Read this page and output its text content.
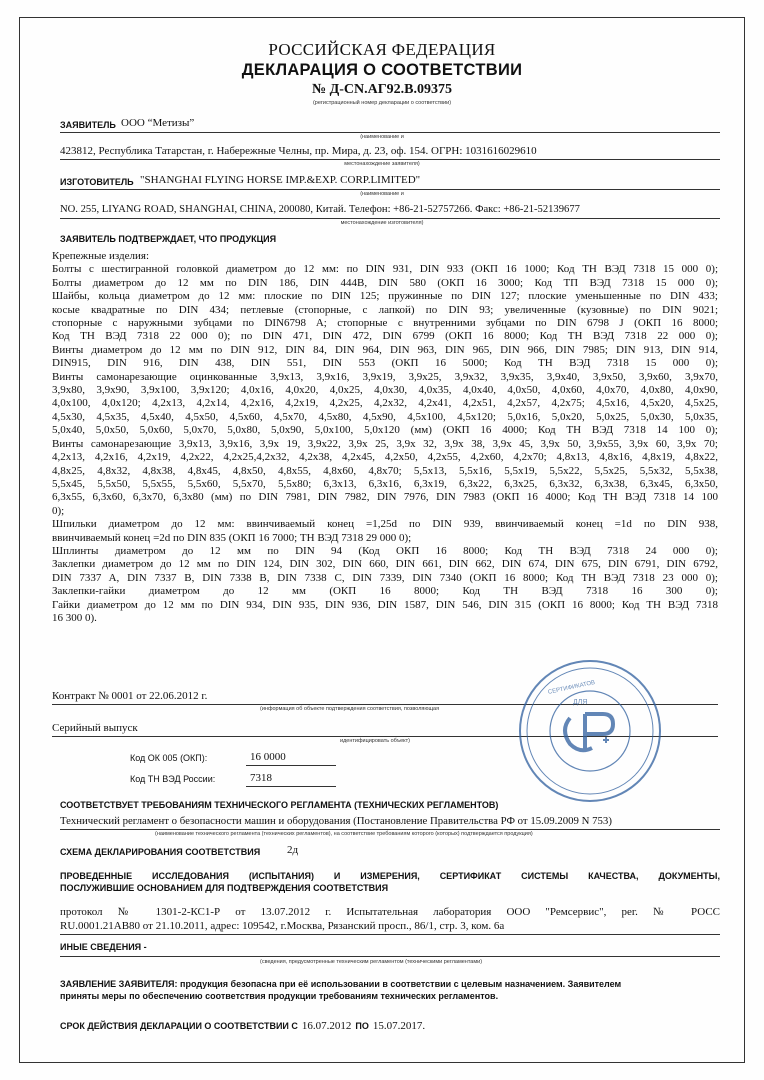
РОССИЙСКАЯ ФЕДЕРАЦИЯ
ДЕКЛАРАЦИЯ О СООТВЕТСТВИИ
№ Д-CN.АГ92.В.09375
(регистрационный номер декларации о соответствии)
ЗАЯВИТЕЛЬ ООО “Метизы”
(наименование и
423812, Республика Татарстан, г. Набережные Челны, пр. Мира, д. 23, оф. 154. ОГРН: 1031616029610
местонахождение заявителя)
ИЗГОТОВИТЕЛЬ "SHANGHAI FLYING HORSE IMP.&EXP. CORP.LIMITED"
(наименование и
NO. 255, LIYANG ROAD, SHANGHAI, CHINA, 200080, Китай. Телефон: +86-21-52757266. Факс: +86-21-52139677
местонахождение изготовителя)
ЗАЯВИТЕЛЬ ПОДТВЕРЖДАЕТ, ЧТО ПРОДУКЦИЯ
Крепежные изделия:
Болты с шестигранной головкой диаметром до 12 мм: по DIN 931, DIN 933 (ОКП 16 1000; Код ТН ВЭД 7318 15 000 0);
Болты диаметром до 12 мм по DIN 186, DIN 444B, DIN 580 (ОКП 16 3000; Код ТП ВЭД 7318 15 000 0);
Шайбы, кольца диаметром до 12 мм: плоские по DIN 125; пружинные по DIN 127; плоские уменьшенные по DIN 433;
косые квадратные по DIN 434; петлевые (стопорные, с лапкой) по DIN 93; увеличенные (кузовные) по DIN 9021;
стопорные с наружными зубцами по DIN6798 A; стопорные с внутренними зубцами по DIN 6798 J (ОКП 16 8000;
Код ТН ВЭД 7318 22 000 0); по DIN 471, DIN 472, DIN 6799 (ОКП 16 8000; Код ТН ВЭД 7318 22 000 0);
Винты диаметром до 12 мм по DIN 912, DIN 84, DIN 964, DIN 963, DIN 965, DIN 966, DIN 7985; DIN 913, DIN 914,
DIN915, DIN 916, DIN 438, DIN 551, DIN 553 (ОКП 16 5000; Код ТН ВЭД 7318 15 000 0);
Винты самонарезающие оцинкованные 3,9х13, 3,9х16, 3,9х19, 3,9х25, 3,9х32, 3,9х35, 3,9х40, 3,9х50, 3,9х60, 3,9х70,
3,9х80, 3,9х90, 3,9х100, 3,9х120; 4,0х16, 4,0х20, 4,0х25, 4,0х30, 4,0х35, 4,0х40, 4,0х50, 4,0х60, 4,0х70, 4,0х80, 4,0х90,
4,0х100, 4,0х120; 4,2х13, 4,2х14, 4,2х16, 4,2х19, 4,2х25, 4,2х32, 4,2х41, 4,2х51, 4,2х57, 4,2х75; 4,5х16, 4,5х20, 4,5х25,
4,5х30, 4,5х35, 4,5х40, 4,5х50, 4,5х60, 4,5х70, 4,5х80, 4,5х90, 4,5х100, 4,5х120; 5,0х16, 5,0х20, 5,0х25, 5,0х30, 5,0х35,
5,0х40, 5,0х50, 5,0х60, 5,0х70, 5,0х80, 5,0х90, 5,0х100, 5,0х120 (мм) (ОКП 16 4000; Код ТН ВЭД 7318 14 100 0);
Винты самонарезающие 3,9х13, 3,9х16, 3,9х 19, 3,9х22, 3,9х 25, 3,9х 32, 3,9х 38, 3,9х 45, 3,9х 50, 3,9х55, 3,9х 60, 3,9х 70;
4,2х13, 4,2х16, 4,2х19, 4,2х22, 4,2х25,4,2х32, 4,2х38, 4,2х45, 4,2х50, 4,2х55, 4,2х60, 4,2х70; 4,8х13, 4,8х16, 4,8х19, 4,8х22,
4,8х25, 4,8х32, 4,8х38, 4,8х45, 4,8х50, 4,8х55, 4,8х60, 4,8х70; 5,5х13, 5,5х16, 5,5х19, 5,5х22, 5,5х25, 5,5х32, 5,5х38,
5,5х45, 5,5х50, 5,5х55, 5,5х60, 5,5х70, 5,5х80; 6,3х13, 6,3х16, 6,3х19, 6,3х22, 6,3х25, 6,3х32, 6,3х38, 6,3х45, 6,3х50,
6,3х55, 6,3х60, 6,3х70, 6,3х80 (мм) по DIN 7981, DIN 7982, DIN 7976, DIN 7983 (ОКП 16 4000; Код ТН ВЭД 7318 14 100
0);
Шпильки диаметром до 12 мм: ввинчиваемый конец =1,25d по DIN 939, ввинчиваемый конец =1d по DIN 938,
ввинчиваемый конец =2d по DIN 835 (ОКП 16 7000; ТН ВЭД 7318 29 000 0);
Шплинты диаметром до 12 мм по DIN 94 (Код ОКП 16 8000; Код ТН ВЭД 7318 24 000 0);
Заклепки диаметром до 12 мм по DIN 124, DIN 302, DIN 660, DIN 661, DIN 662, DIN 674, DIN 675, DIN 6791, DIN 6792,
DIN 7337 A, DIN 7337 B, DIN 7338 B, DIN 7338 C, DIN 7339, DIN 7340 (ОКП 16 8000; Код ТН ВЭД 7318 23 000 0);
Заклепки-гайки диаметром до 12 мм (ОКП 16 8000; Код ТН ВЭД 7318 16 300 0);
Гайки диаметром до 12 мм по DIN 934, DIN 935, DIN 936, DIN 1587, DIN 546, DIN 315 (ОКП 16 8000; Код ТН ВЭД 7318
16 300 0).
Контракт № 0001 от 22.06.2012 г.
(информация об объекте подтверждения соответствия, позволяющая
Серийный выпуск
идентифицировать объект)
Код ОК 005 (ОКП):	16 0000
Код ТН ВЭД России:	7318
СООТВЕТСТВУЕТ ТРЕБОВАНИЯМ ТЕХНИЧЕСКОГО РЕГЛАМЕНТА (ТЕХНИЧЕСКИХ РЕГЛАМЕНТОВ)
Технический регламент о безопасности машин и оборудования (Постановление Правительства РФ от 15.09.2009 N 753)
(наименование технического регламента (технических регламентов), на соответствие требованиям которого (которых) подтверждается продукция)
СХЕМА ДЕКЛАРИРОВАНИЯ СООТВЕТСТВИЯ 2д
ПРОВЕДЕННЫЕ ИССЛЕДОВАНИЯ (ИСПЫТАНИЯ) И ИЗМЕРЕНИЯ, СЕРТИФИКАТ СИСТЕМЫ КАЧЕСТВА, ДОКУМЕНТЫ,
ПОСЛУЖИВШИЕ ОСНОВАНИЕМ ДЛЯ ПОДТВЕРЖДЕНИЯ СООТВЕТСТВИЯ
протокол № 1301-2-КС1-Р от 13.07.2012 г. Испытательная лаборатория ООО "Ремсервис", рег. № РОСС
RU.0001.21АВ80 от 21.10.2011, адрес: 109542, г.Москва, Рязанский просп., 86/1, стр. 3, ком. 6а
ИНЫЕ СВЕДЕНИЯ -
(сведения, предусмотренные техническим регламентом (техническими регламентами)
ЗАЯВЛЕНИЕ ЗАЯВИТЕЛЯ: продукция безопасна при её использовании в соответствии с целевым назначением. Заявителем
приняты меры по обеспечению соответствия продукции требованиям технических регламентов.
СРОК ДЕЙСТВИЯ ДЕКЛАРАЦИИ О СООТВЕТСТВИИ С 16.07.2012 ПО 15.07.2017.
ДЛЯ
СЕРТИФИКАТОВ
